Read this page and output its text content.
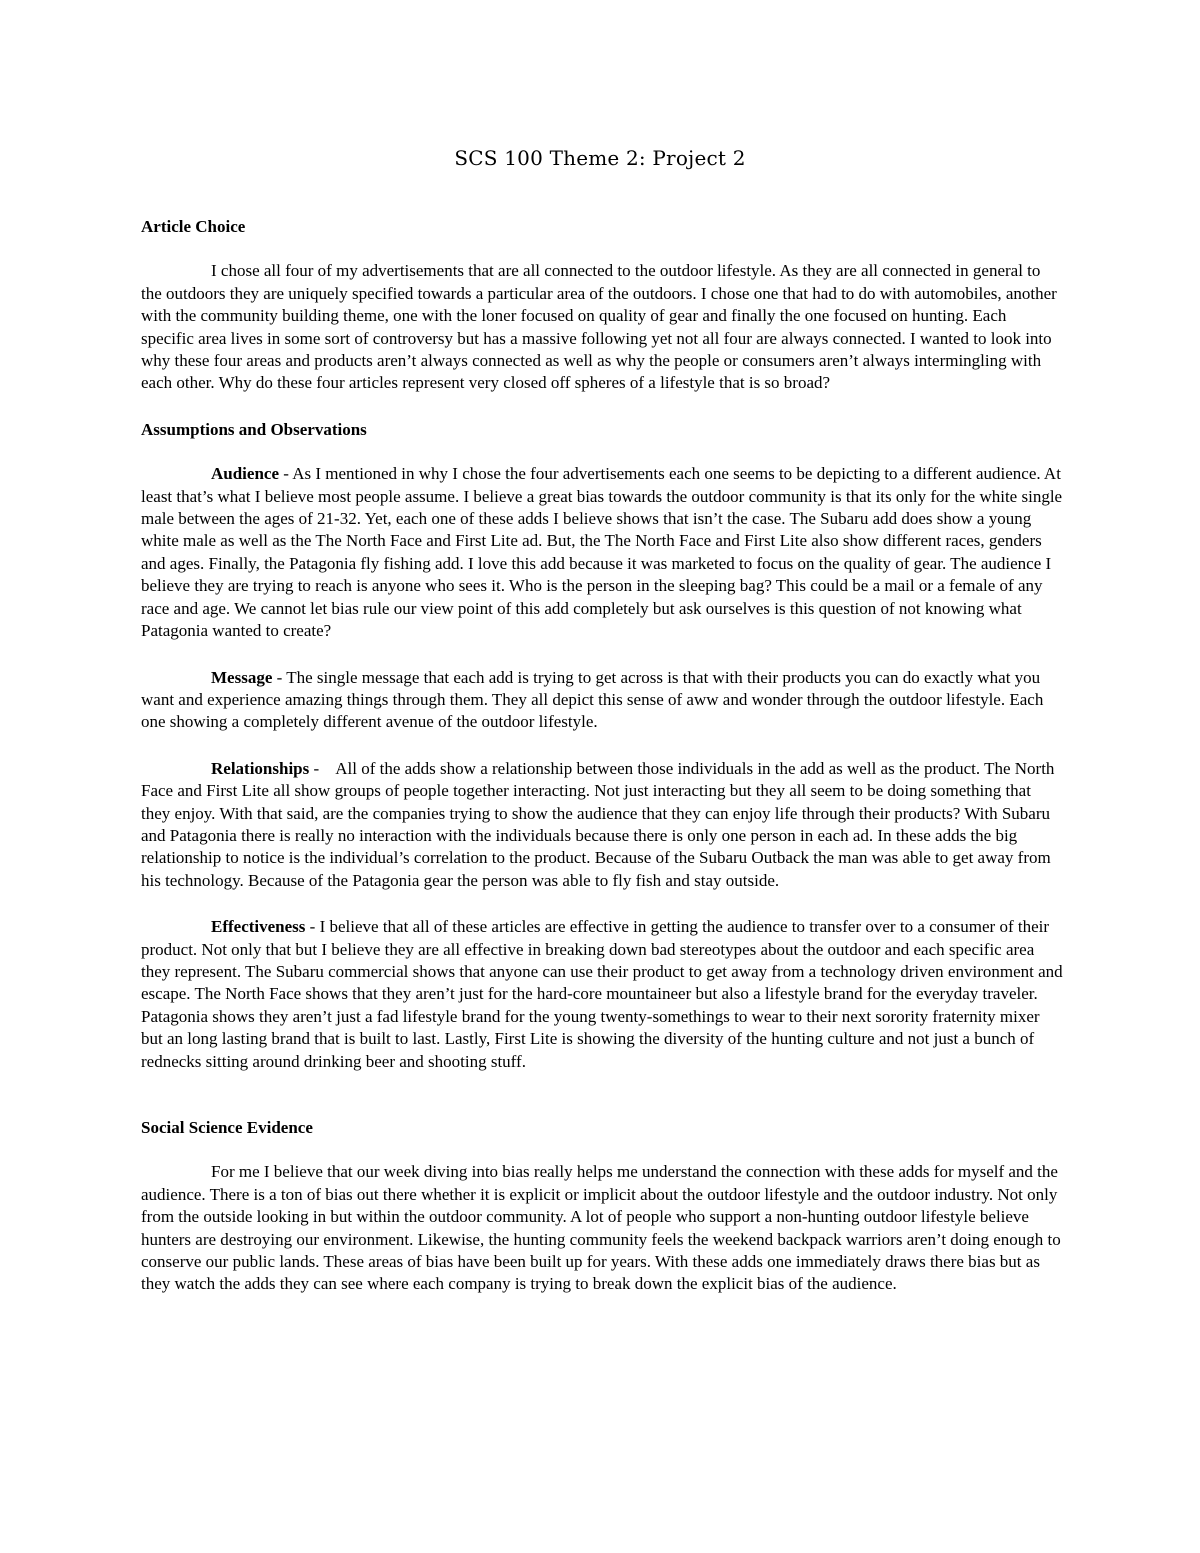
SCS 100 Theme 2: Project 2
Article Choice

I chose all four of my advertisements that are all connected to the outdoor lifestyle. As they are all connected in general to the outdoors they are uniquely specified towards a particular area of the outdoors. I chose one that had to do with automobiles, another with the community building theme, one with the loner focused on quality of gear and finally the one focused on hunting. Each specific area lives in some sort of controversy but has a massive following yet not all four are always connected. I wanted to look into why these four areas and products aren’t always connected as well as why the people or consumers aren’t always intermingling with each other. Why do these four articles represent very closed off spheres of a lifestyle that is so broad?

Assumptions and Observations

Audience - As I mentioned in why I chose the four advertisements each one seems to be depicting to a different audience. At least that’s what I believe most people assume. I believe a great bias towards the outdoor community is that its only for the white single male between the ages of 21-32. Yet, each one of these adds I believe shows that isn’t the case. The Subaru add does show a young white male as well as the The North Face and First Lite ad. But, the The North Face and First Lite also show different races, genders and ages. Finally, the Patagonia fly fishing add. I love this add because it was marketed to focus on the quality of gear. The audience I believe they are trying to reach is anyone who sees it. Who is the person in the sleeping bag? This could be a mail or a female of any race and age. We cannot let bias rule our view point of this add completely but ask ourselves is this question of not knowing what Patagonia wanted to create?

Message - The single message that each add is trying to get across is that with their products you can do exactly what you want and experience amazing things through them. They all depict this sense of aww and wonder through the outdoor lifestyle. Each one showing a completely different avenue of the outdoor lifestyle.

Relationships -    All of the adds show a relationship between those individuals in the add as well as the product. The North Face and First Lite all show groups of people together interacting. Not just interacting but they all seem to be doing something that they enjoy. With that said, are the companies trying to show the audience that they can enjoy life through their products? With Subaru and Patagonia there is really no interaction with the individuals because there is only one person in each ad. In these adds the big relationship to notice is the individual’s correlation to the product. Because of the Subaru Outback the man was able to get away from his technology. Because of the Patagonia gear the person was able to fly fish and stay outside.

Effectiveness - I believe that all of these articles are effective in getting the audience to transfer over to a consumer of their product. Not only that but I believe they are all effective in breaking down bad stereotypes about the outdoor and each specific area they represent. The Subaru commercial shows that anyone can use their product to get away from a technology driven environment and escape. The North Face shows that they aren’t just for the hard-core mountaineer but also a lifestyle brand for the everyday traveler. Patagonia shows they aren’t just a fad lifestyle brand for the young twenty-somethings to wear to their next sorority fraternity mixer but an long lasting brand that is built to last. Lastly, First Lite is showing the diversity of the hunting culture and not just a bunch of rednecks sitting around drinking beer and shooting stuff.

Social Science Evidence

For me I believe that our week diving into bias really helps me understand the connection with these adds for myself and the audience. There is a ton of bias out there whether it is explicit or implicit about the outdoor lifestyle and the outdoor industry. Not only from the outside looking in but within the outdoor community. A lot of people who support a non-hunting outdoor lifestyle believe hunters are destroying our environment. Likewise, the hunting community feels the weekend backpack warriors aren’t doing enough to conserve our public lands. These areas of bias have been built up for years. With these adds one immediately draws there bias but as they watch the adds they can see where each company is trying to break down the explicit bias of the audience.
